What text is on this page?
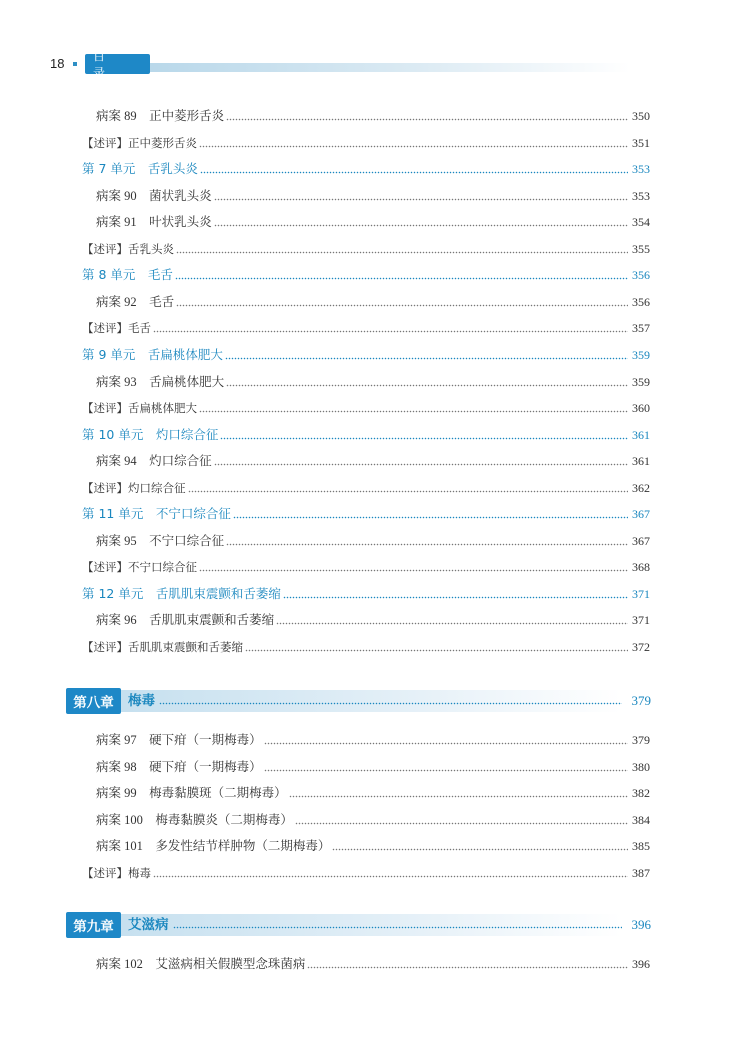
18	目 录
病案 89  正中菱形舌炎	350
【述评】正中菱形舌炎	351
第 7 单元　舌乳头炎	353
病案 90  菌状乳头炎	353
病案 91  叶状乳头炎	354
【述评】舌乳头炎	355
第 8 单元　毛舌	356
病案 92  毛舌	356
【述评】毛舌	357
第 9 单元　舌扁桃体肥大	359
病案 93  舌扁桃体肥大	359
【述评】舌扁桃体肥大	360
第 10 单元　灼口综合征	361
病案 94  灼口综合征	361
【述评】灼口综合征	362
第 11 单元　不宁口综合征	367
病案 95  不宁口综合征	367
【述评】不宁口综合征	368
第 12 单元　舌肌肌束震颤和舌萎缩	371
病案 96  舌肌肌束震颤和舌萎缩	371
【述评】舌肌肌束震颤和舌萎缩	372
第八章	梅毒	379
病案 97  硬下疳（一期梅毒）	379
病案 98  硬下疳（一期梅毒）	380
病案 99  梅毒黏膜斑（二期梅毒）	382
病案 100  梅毒黏膜炎（二期梅毒）	384
病案 101  多发性结节样肿物（二期梅毒）	385
【述评】梅毒	387
第九章	艾滋病	396
病案 102  艾滋病相关假膜型念珠菌病	396
